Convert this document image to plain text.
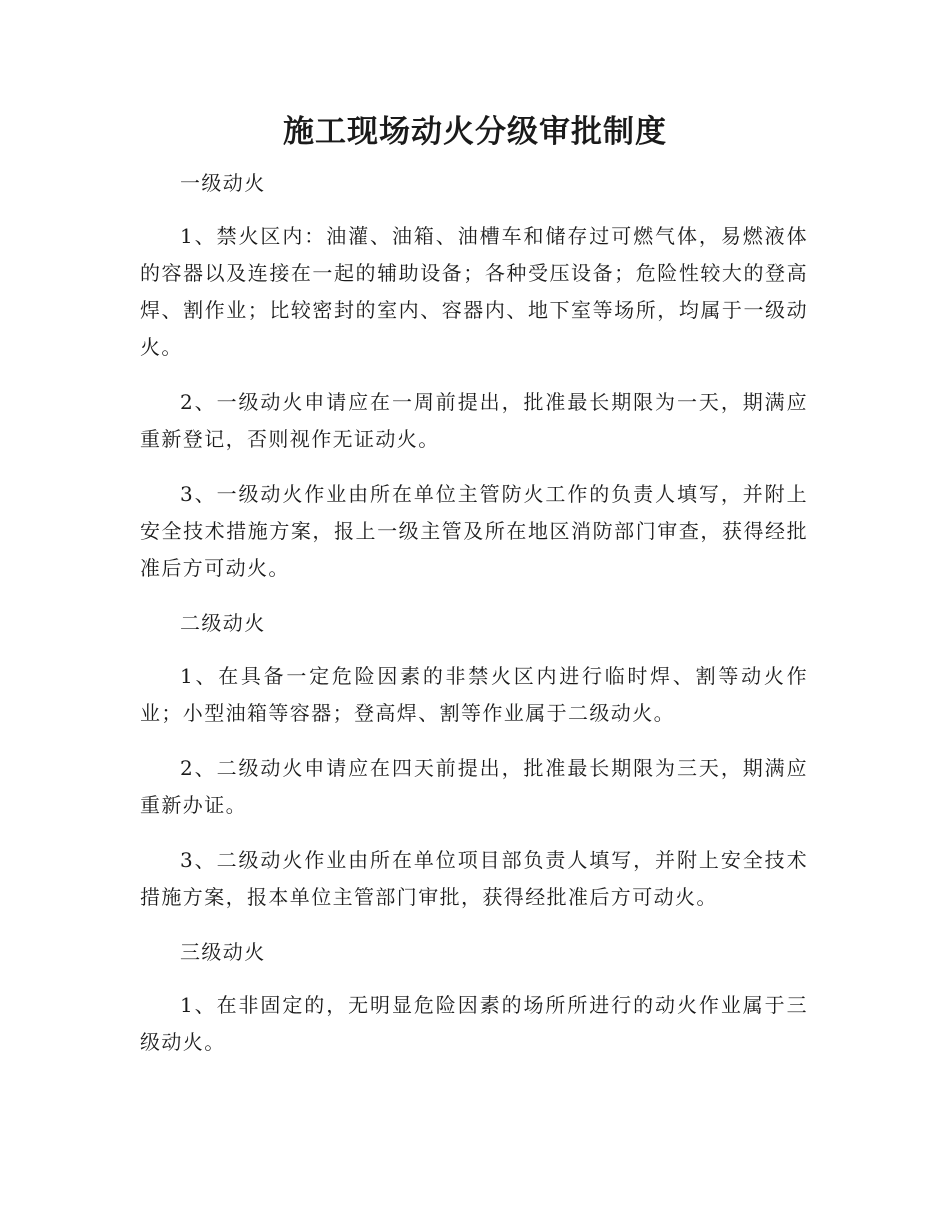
施工现场动火分级审批制度

一级动火

1、禁火区内：油灌、油箱、油槽车和储存过可燃气体，易燃液体的容器以及连接在一起的辅助设备；各种受压设备；危险性较大的登高焊、割作业；比较密封的室内、容器内、地下室等场所，均属于一级动火。

2、一级动火申请应在一周前提出，批准最长期限为一天，期满应重新登记，否则视作无证动火。

3、一级动火作业由所在单位主管防火工作的负责人填写，并附上安全技术措施方案，报上一级主管及所在地区消防部门审查，获得经批准后方可动火。

二级动火

1、在具备一定危险因素的非禁火区内进行临时焊、割等动火作业；小型油箱等容器；登高焊、割等作业属于二级动火。

2、二级动火申请应在四天前提出，批准最长期限为三天，期满应重新办证。

3、二级动火作业由所在单位项目部负责人填写，并附上安全技术措施方案，报本单位主管部门审批，获得经批准后方可动火。

三级动火

1、在非固定的，无明显危险因素的场所所进行的动火作业属于三级动火。
